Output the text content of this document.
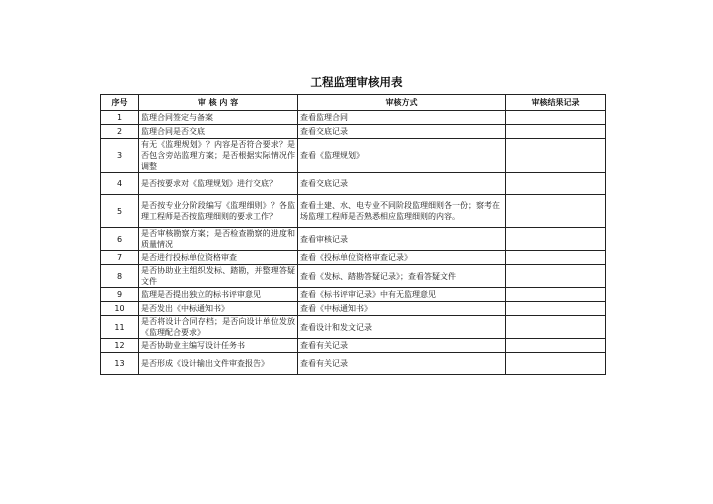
工程监理审核用表
序号	审 核 内 容	审核方式	审核结果记录
1	监理合同签定与备案	查看监理合同	
2	监理合同是否交底	查看交底记录	
3	有无《监理规划》？内容是否符合要求？是否包含旁站监理方案；是否根据实际情况作调整	查看《监理规划》	
4	是否按要求对《监理规划》进行交底？	查看交底记录	
5	是否按专业分阶段编写《监理细则》？各监理工程师是否按监理细则的要求工作？	查看土建、水、电专业不同阶段监理细则各一份；察考在场监理工程师是否熟悉相应监理细则的内容。	
6	是否审核勘察方案；是否检查勘察的进度和质量情况	查看审核记录	
7	是否进行投标单位资格审查	查看《投标单位资格审查记录》	
8	是否协助业主组织发标、踏勘，并整理答疑文件	查看《发标、踏勘答疑记录》；查看答疑文件	
9	监理是否提出独立的标书评审意见	查看《标书评审记录》中有无监理意见	
10	是否发出《中标通知书》	查看《中标通知书》	
11	是否将设计合同存档；是否向设计单位发放《监理配合要求》	查看设计和发文记录	
12	是否协助业主编写设计任务书	查看有关记录	
13	是否形成《设计输出文件审查报告》	查看有关记录	
